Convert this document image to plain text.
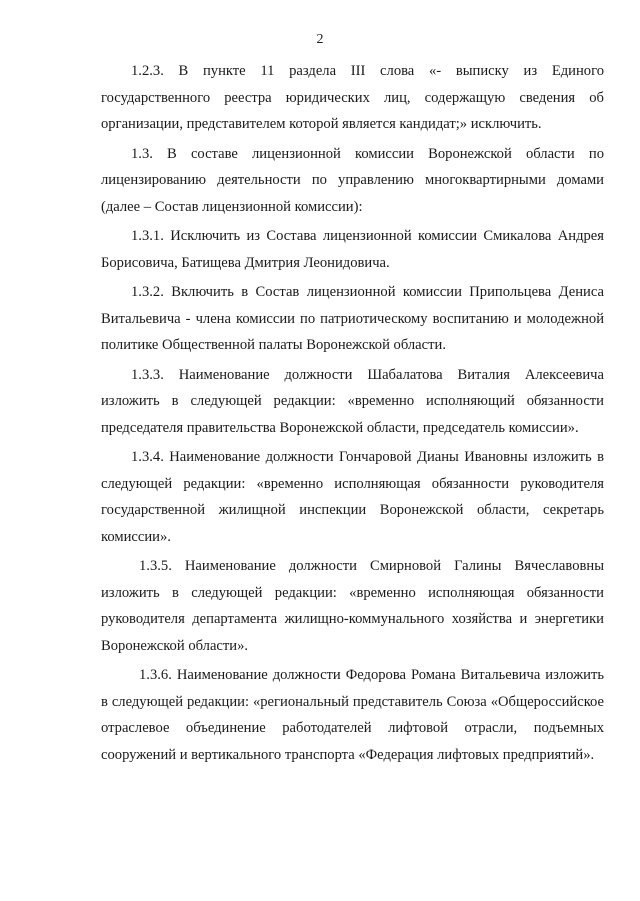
2

1.2.3. В пункте 11 раздела III слова «- выписку из Единого государственного реестра юридических лиц, содержащую сведения об организации, представителем которой является кандидат;» исключить.

1.3. В составе лицензионной комиссии Воронежской области по лицензированию деятельности по управлению многоквартирными домами (далее – Состав лицензионной комиссии):

1.3.1. Исключить из Состава лицензионной комиссии Смикалова Андрея Борисовича, Батищева Дмитрия Леонидовича.

1.3.2. Включить в Состав лицензионной комиссии Припольцева Дениса Витальевича - члена комиссии по патриотическому воспитанию и молодежной политике Общественной палаты Воронежской области.

1.3.3. Наименование должности Шабалатова Виталия Алексеевича изложить в следующей редакции: «временно исполняющий обязанности председателя правительства Воронежской области, председатель комиссии».

1.3.4. Наименование должности Гончаровой Дианы Ивановны изложить в следующей редакции: «временно исполняющая обязанности руководителя государственной жилищной инспекции Воронежской области, секретарь комиссии».

1.3.5. Наименование должности Смирновой Галины Вячеславовны изложить в следующей редакции: «временно исполняющая обязанности руководителя департамента жилищно-коммунального хозяйства и энергетики Воронежской области».

1.3.6. Наименование должности Федорова Романа Витальевича изложить в следующей редакции: «региональный представитель Союза «Общероссийское отраслевое объединение работодателей лифтовой отрасли, подъемных сооружений и вертикального транспорта «Федерация лифтовых предприятий».
